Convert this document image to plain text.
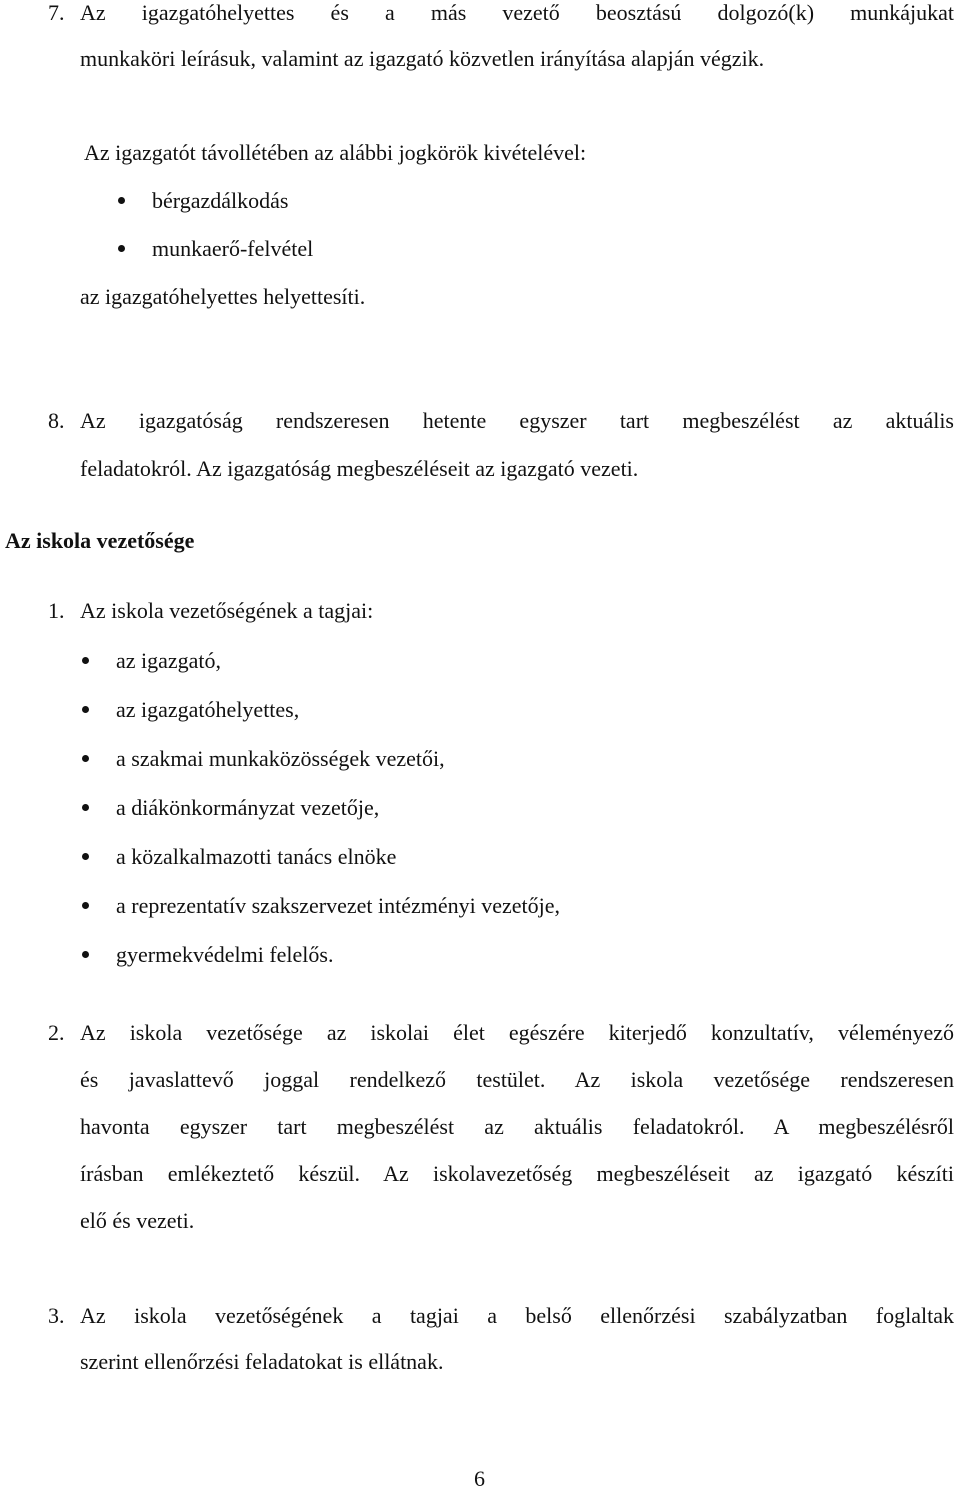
7. Az igazgatóhelyettes és a más vezető beosztású dolgozó(k) munkájukat
munkaköri leírásuk, valamint az igazgató közvetlen irányítása alapján végzik.
Az igazgatót távollétében az alábbi jogkörök kivételével:
bérgazdálkodás
munkaerő-felvétel
az igazgatóhelyettes helyettesíti.
8. Az igazgatóság rendszeresen hetente egyszer tart megbeszélést az aktuális
feladatokról. Az igazgatóság megbeszéléseit az igazgató vezeti.
Az iskola vezetősége
1. Az iskola vezetőségének a tagjai:
az igazgató,
az igazgatóhelyettes,
a szakmai munkaközösségek vezetői,
a diákönkormányzat vezetője,
a közalkalmazotti tanács elnöke
a reprezentatív szakszervezet intézményi vezetője,
gyermekvédelmi felelős.
2. Az iskola vezetősége az iskolai élet egészére kiterjedő konzultatív, véleményező
és javaslattevő joggal rendelkező testület. Az iskola vezetősége rendszeresen
havonta egyszer tart megbeszélést az aktuális feladatokról. A megbeszélésről
írásban emlékeztető készül. Az iskolavezetőség megbeszéléseit az igazgató készíti
elő és vezeti.
3. Az iskola vezetőségének a tagjai a belső ellenőrzési szabályzatban foglaltak
szerint ellenőrzési feladatokat is ellátnak.
6
